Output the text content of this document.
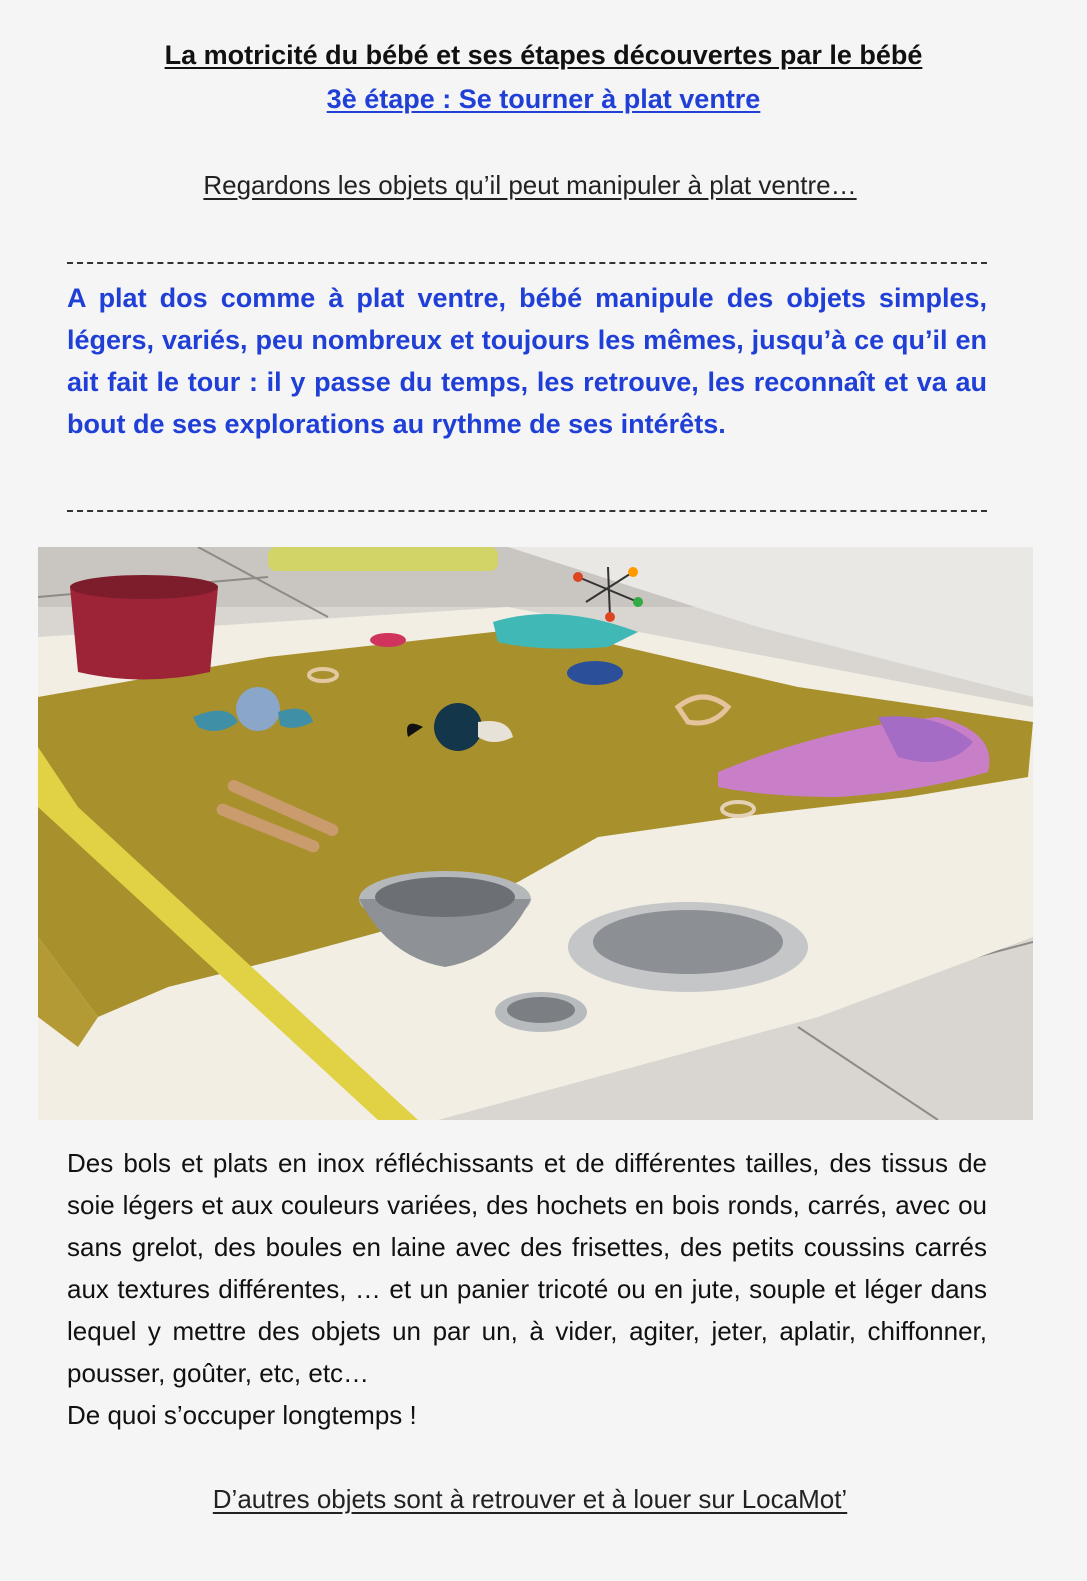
La motricité du bébé et ses étapes découvertes par le bébé
3è étape : Se tourner à plat ventre
Regardons les objets qu’il peut manipuler à plat ventre…
A plat dos comme à plat ventre, bébé manipule des objets simples, légers, variés, peu nombreux et toujours les mêmes, jusqu’à ce qu’il en ait fait le tour : il y passe du temps, les retrouve, les reconnaît et va au bout de ses explorations au rythme de ses intérêts.
Des bols et plats en inox réfléchissants et de différentes tailles, des tissus de soie légers et aux couleurs variées, des hochets en bois ronds, carrés, avec ou sans grelot, des boules en laine avec des frisettes, des petits coussins carrés aux textures différentes, … et un panier tricoté ou en jute, souple et léger dans lequel y mettre des objets un par un, à vider, agiter, jeter, aplatir, chiffonner, pousser, goûter, etc, etc…
De quoi s’occuper longtemps !
D’autres objets sont à retrouver et à louer sur LocaMot’
